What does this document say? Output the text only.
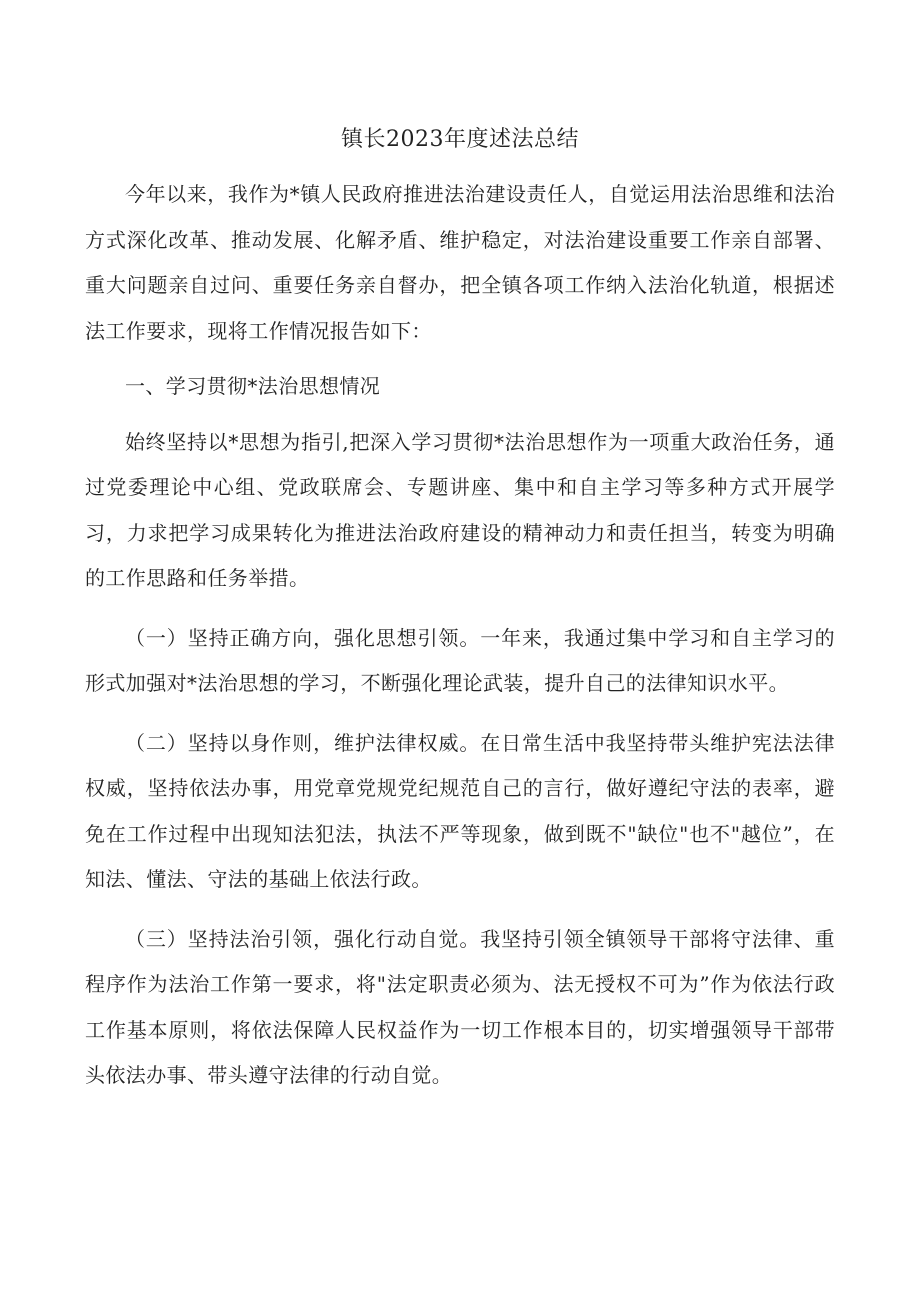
镇长2023年度述法总结

今年以来，我作为*镇人民政府推进法治建设责任人，自觉运用法治思维和法治方式深化改革、推动发展、化解矛盾、维护稳定，对法治建设重要工作亲自部署、重大问题亲自过问、重要任务亲自督办，把全镇各项工作纳入法治化轨道，根据述法工作要求，现将工作情况报告如下：

一、学习贯彻*法治思想情况

始终坚持以*思想为指引,把深入学习贯彻*法治思想作为一项重大政治任务，通过党委理论中心组、党政联席会、专题讲座、集中和自主学习等多种方式开展学习，力求把学习成果转化为推进法治政府建设的精神动力和责任担当，转变为明确的工作思路和任务举措。

（一）坚持正确方向，强化思想引领。一年来，我通过集中学习和自主学习的形式加强对*法治思想的学习，不断强化理论武装，提升自己的法律知识水平。

（二）坚持以身作则，维护法律权威。在日常生活中我坚持带头维护宪法法律权威，坚持依法办事，用党章党规党纪规范自己的言行，做好遵纪守法的表率，避免在工作过程中出现知法犯法，执法不严等现象，做到既不"缺位"也不"越位”，在知法、懂法、守法的基础上依法行政。

（三）坚持法治引领，强化行动自觉。我坚持引领全镇领导干部将守法律、重程序作为法治工作第一要求，将"法定职责必须为、法无授权不可为”作为依法行政工作基本原则，将依法保障人民权益作为一切工作根本目的，切实增强领导干部带头依法办事、带头遵守法律的行动自觉。
